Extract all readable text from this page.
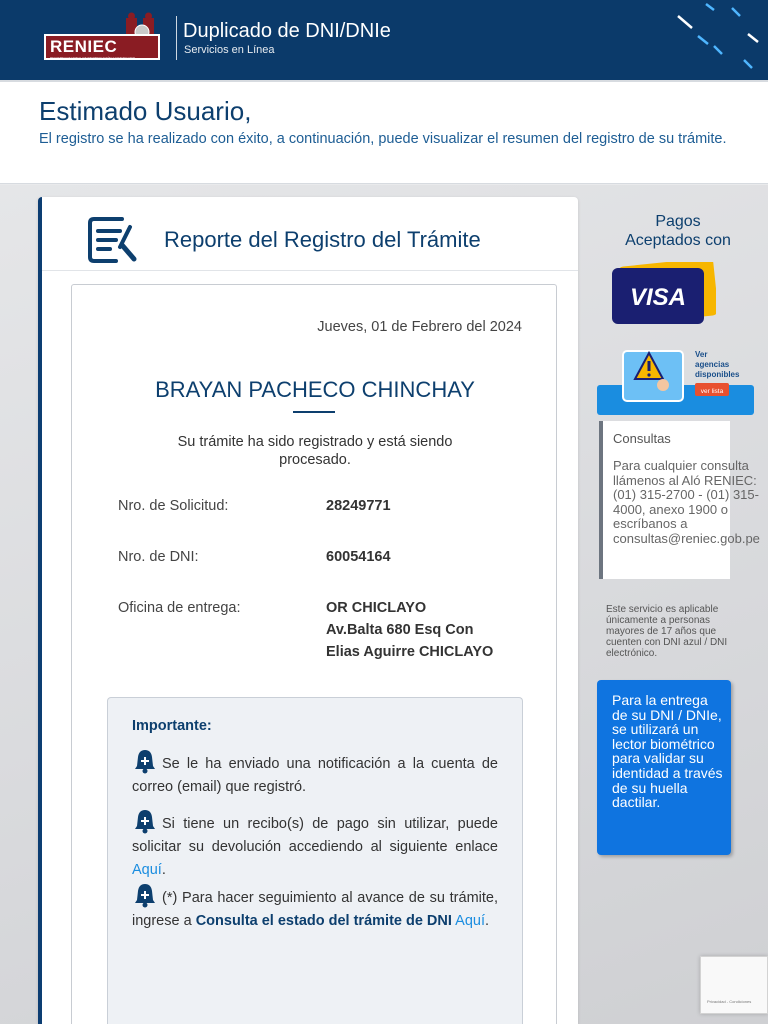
RENIEC
REGISTRO NACIONAL DE IDENTIFICACIÓN Y ESTADO CIVIL
Duplicado de DNI/DNIe
Servicios en Línea
Estimado Usuario,
El registro se ha realizado con éxito, a continuación, puede visualizar el resumen del registro de su trámite.
Reporte del Registro del Trámite
Jueves, 01 de Febrero del 2024
BRAYAN PACHECO CHINCHAY
Su trámite ha sido registrado y está siendo procesado.
Nro. de Solicitud:	28249771
Nro. de DNI:	60054164
Oficina de entrega:	OR CHICLAYO
Av.Balta 680 Esq Con
Elias Aguirre CHICLAYO
Importante:
Se le ha enviado una notificación a la cuenta de correo (email) que registró.
Si tiene un recibo(s) de pago sin utilizar, puede solicitar su devolución accediendo al siguiente enlace Aquí.
(*) Para hacer seguimiento al avance de su trámite, ingrese a Consulta el estado del trámite de DNI Aquí.
Pagos
Aceptados con
VISA
Ver
agencias
disponibles
ver lista
Consultas
Para cualquier consulta llámenos al Aló RENIEC: (01) 315-2700 - (01) 315-4000, anexo 1900 o escríbanos a consultas@reniec.gob.pe
Este servicio es aplicable únicamente a personas mayores de 17 años que cuenten con DNI azul / DNI electrónico.
Para la entrega de su DNI / DNIe, se utilizará un lector biométrico para validar su identidad a través de su huella dactilar.
Privacidad - Condiciones
